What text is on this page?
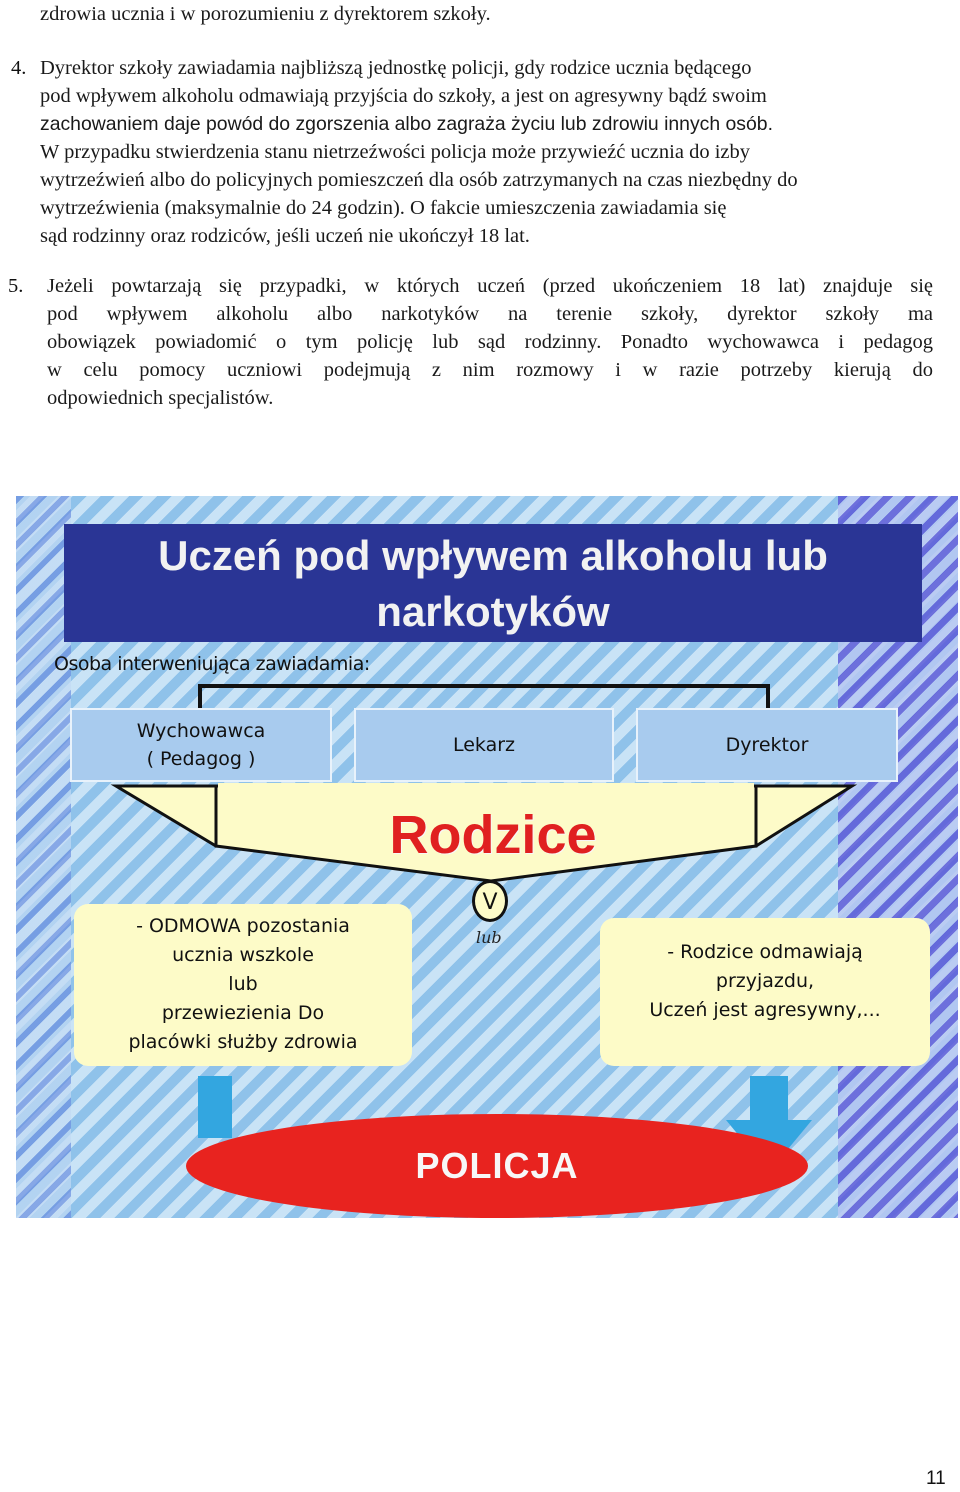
zdrowia ucznia i w porozumieniu z dyrektorem szkoły.
4. Dyrektor szkoły zawiadamia najbliższą jednostkę policji, gdy rodzice ucznia będącego
pod wpływem alkoholu odmawiają przyjścia do szkoły, a jest on agresywny bądź swoim
zachowaniem daje powód do zgorszenia albo zagraża życiu lub zdrowiu innych osób.
W przypadku stwierdzenia stanu nietrzeźwości policja może przywieźć ucznia do izby
wytrzeźwień albo do policyjnych pomieszczeń dla osób zatrzymanych na czas niezbędny do
wytrzeźwienia (maksymalnie do 24 godzin). O fakcie umieszczenia zawiadamia się
sąd rodzinny oraz rodziców, jeśli uczeń nie ukończył 18 lat.
5. Jeżeli powtarzają się przypadki, w których uczeń (przed ukończeniem 18 lat) znajduje się
pod wpływem alkoholu albo narkotyków na terenie szkoły, dyrektor szkoły ma
obowiązek powiadomić o tym policję lub sąd rodzinny. Ponadto wychowawca i pedagog
w celu pomocy uczniowi podejmują z nim rozmowy i w razie potrzeby kierują do
odpowiednich specjalistów.
Uczeń pod wpływem alkoholu lub
narkotyków
Osoba interweniująca zawiadamia:
Wychowawca
( Pedagog )
Lekarz	Dyrektor
Rodzice
V
lub
- ODMOWA pozostania
ucznia wszkole
lub
przewiezienia Do
placówki służby zdrowia
- Rodzice odmawiają
przyjazdu,
Uczeń jest agresywny,...
POLICJA
11
